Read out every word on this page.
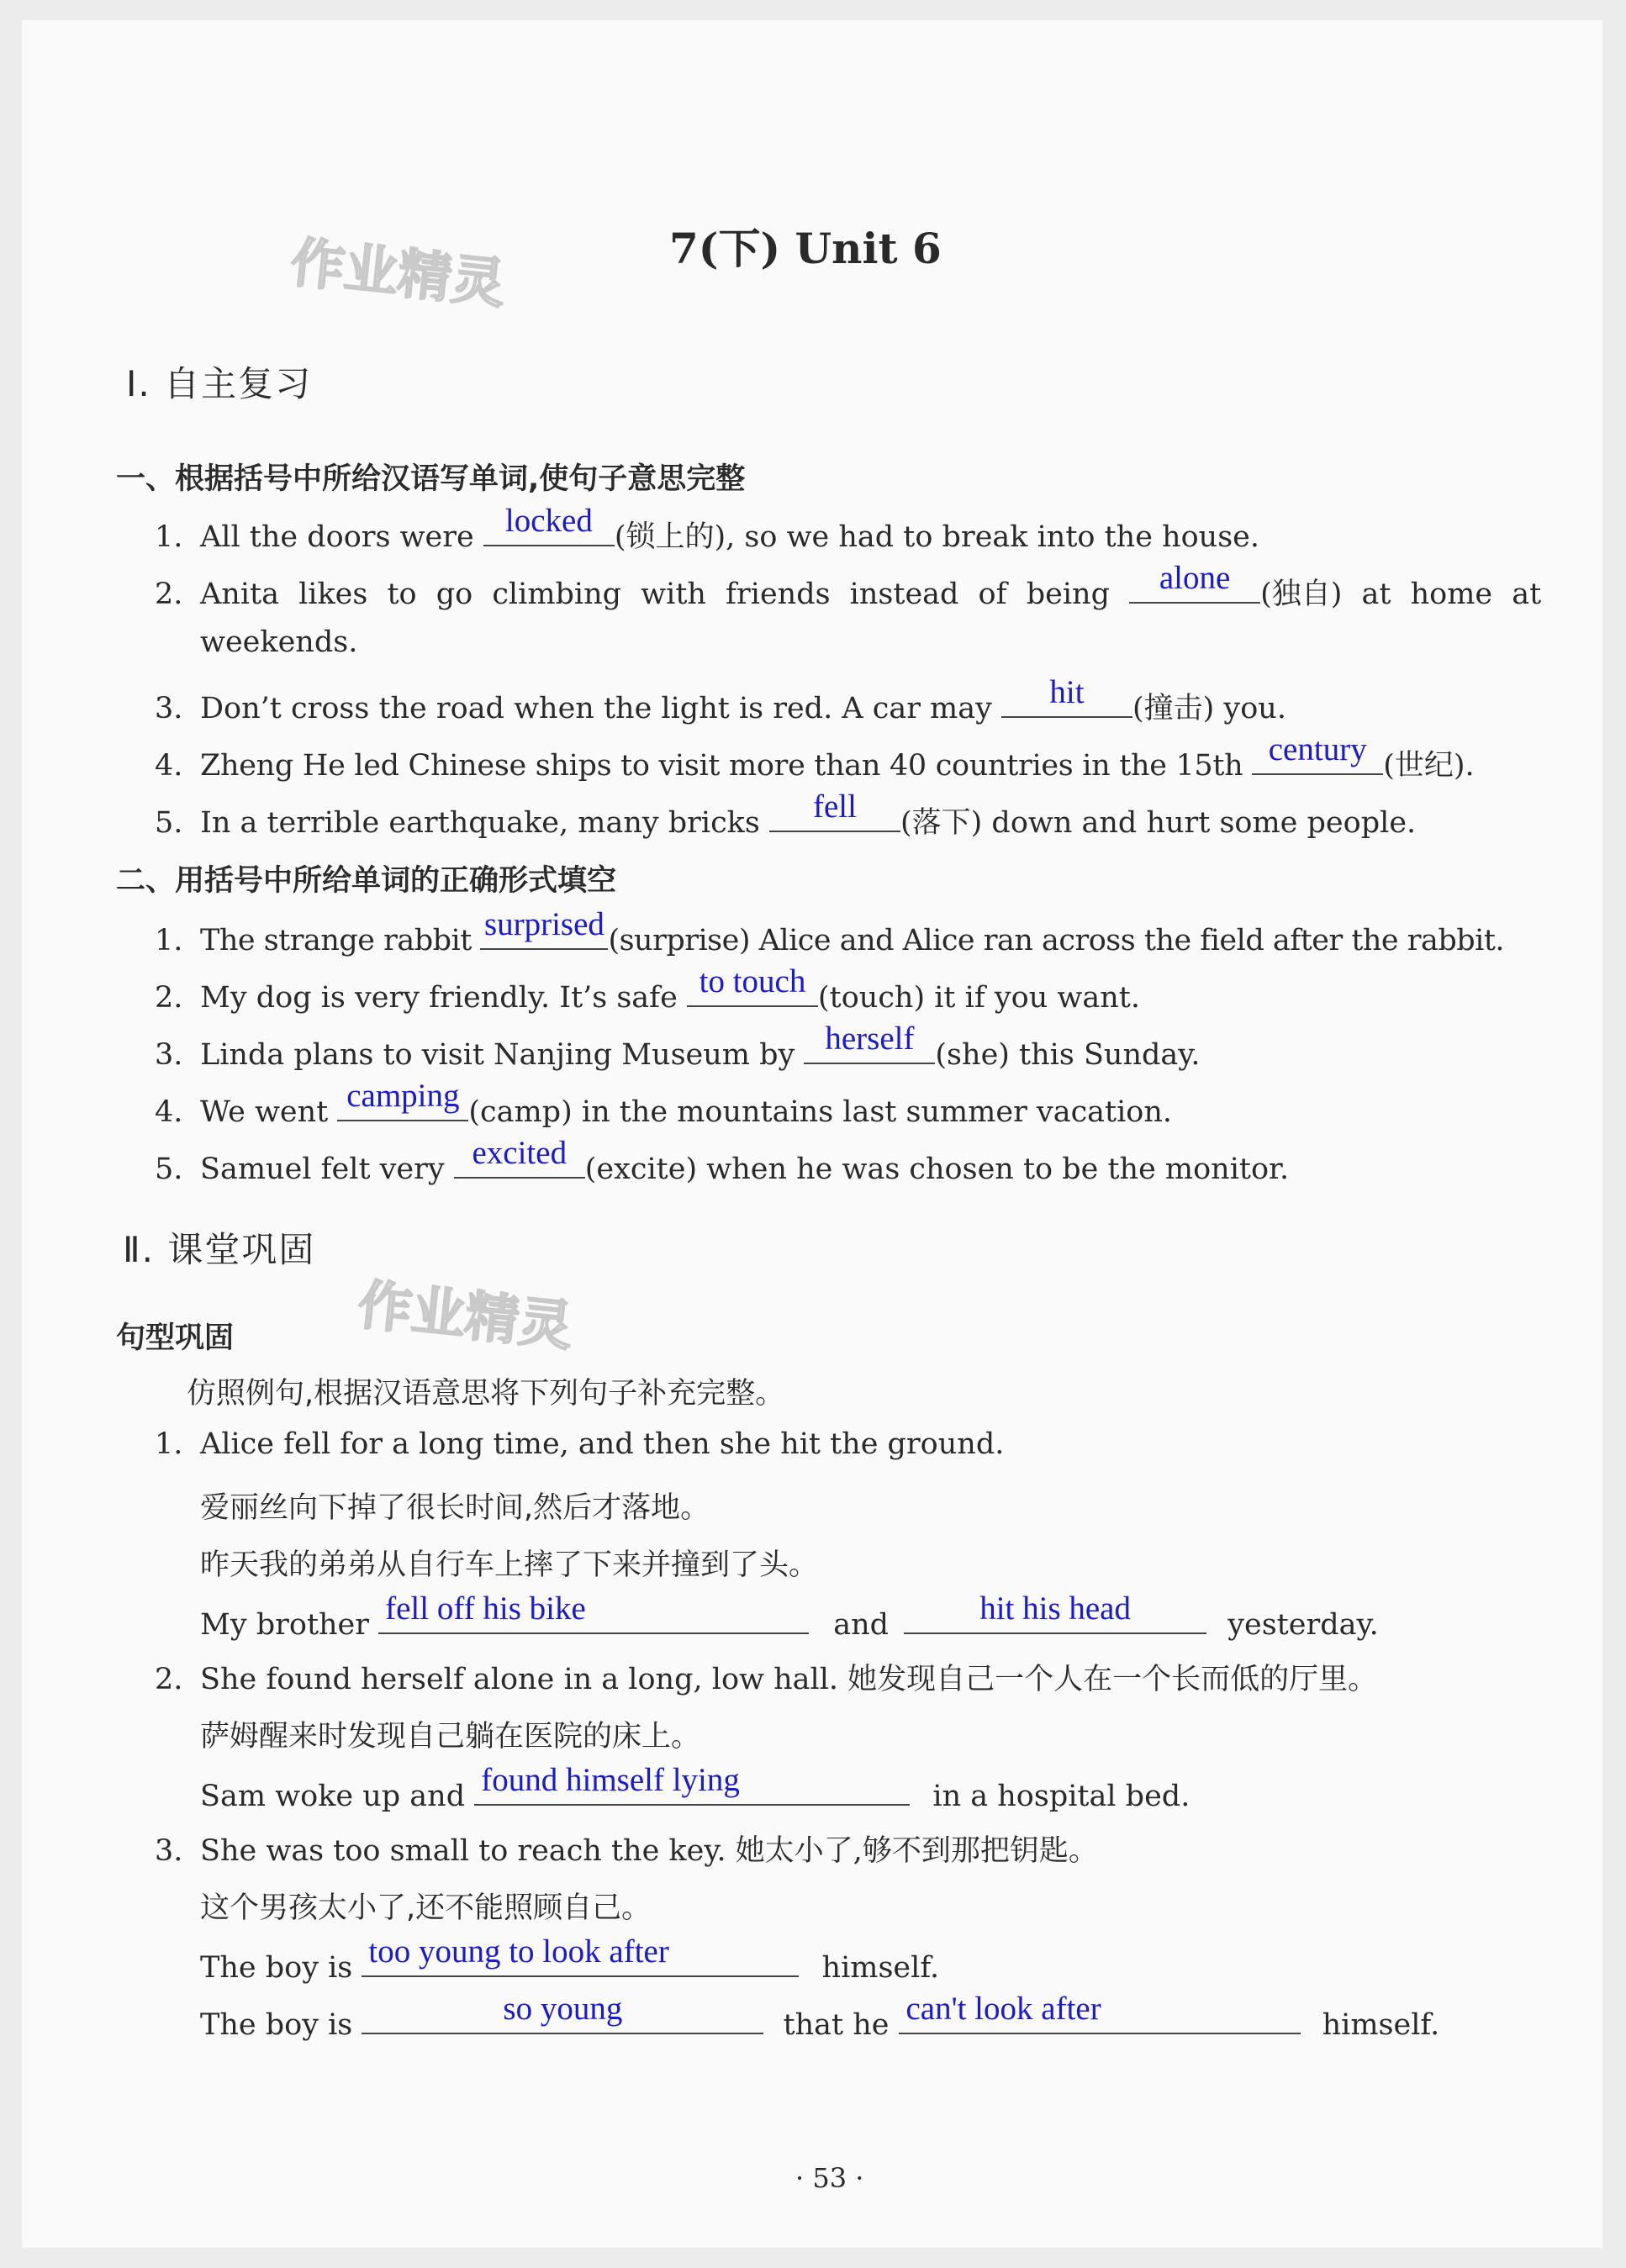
7(下) Unit 6
作业精灵
作业精灵
Ⅰ. 自主复习
一、根据括号中所给汉语写单词,使句子意思完整
1. All the doors were locked (锁上的), so we had to break into the house.
2. Anita likes to go climbing with friends instead of being alone	(独自) at home at
weekends.
3. Don’t cross the road when the light is red. A car may	hit	(撞击) you.
4. Zheng He led Chinese ships to visit more than 40 countries in the 15th century (世纪).
5. In a terrible earthquake, many bricks	fell	(落下) down and hurt some people.
二、用括号中所给单词的正确形式填空
1. The strange rabbit surprised (surprise) Alice and Alice ran across the field after the rabbit.
2. My dog is very friendly. It’s safe to touch (touch) it if you want.
3. Linda plans to visit Nanjing Museum by herself (she) this Sunday.
4. We went camping (camp) in the mountains last summer vacation.
5. Samuel felt very excited (excite) when he was chosen to be the monitor.
Ⅱ. 课堂巩固
句型巩固
仿照例句,根据汉语意思将下列句子补充完整。
1. Alice fell for a long time, and then she hit the ground.
爱丽丝向下掉了很长时间,然后才落地。
昨天我的弟弟从自行车上摔了下来并撞到了头。
My brother fell off his bike	and	hit his head	yesterday.
2. She found herself alone in a long, low hall. 她发现自己一个人在一个长而低的厅里。
萨姆醒来时发现自己躺在医院的床上。
Sam woke up and found himself lying	in a hospital bed.
3. She was too small to reach the key. 她太小了,够不到那把钥匙。
这个男孩太小了,还不能照顾自己。
The boy is too young to look after	himself.
The boy is	so young	that he can't look after	himself.
· 53 ·
